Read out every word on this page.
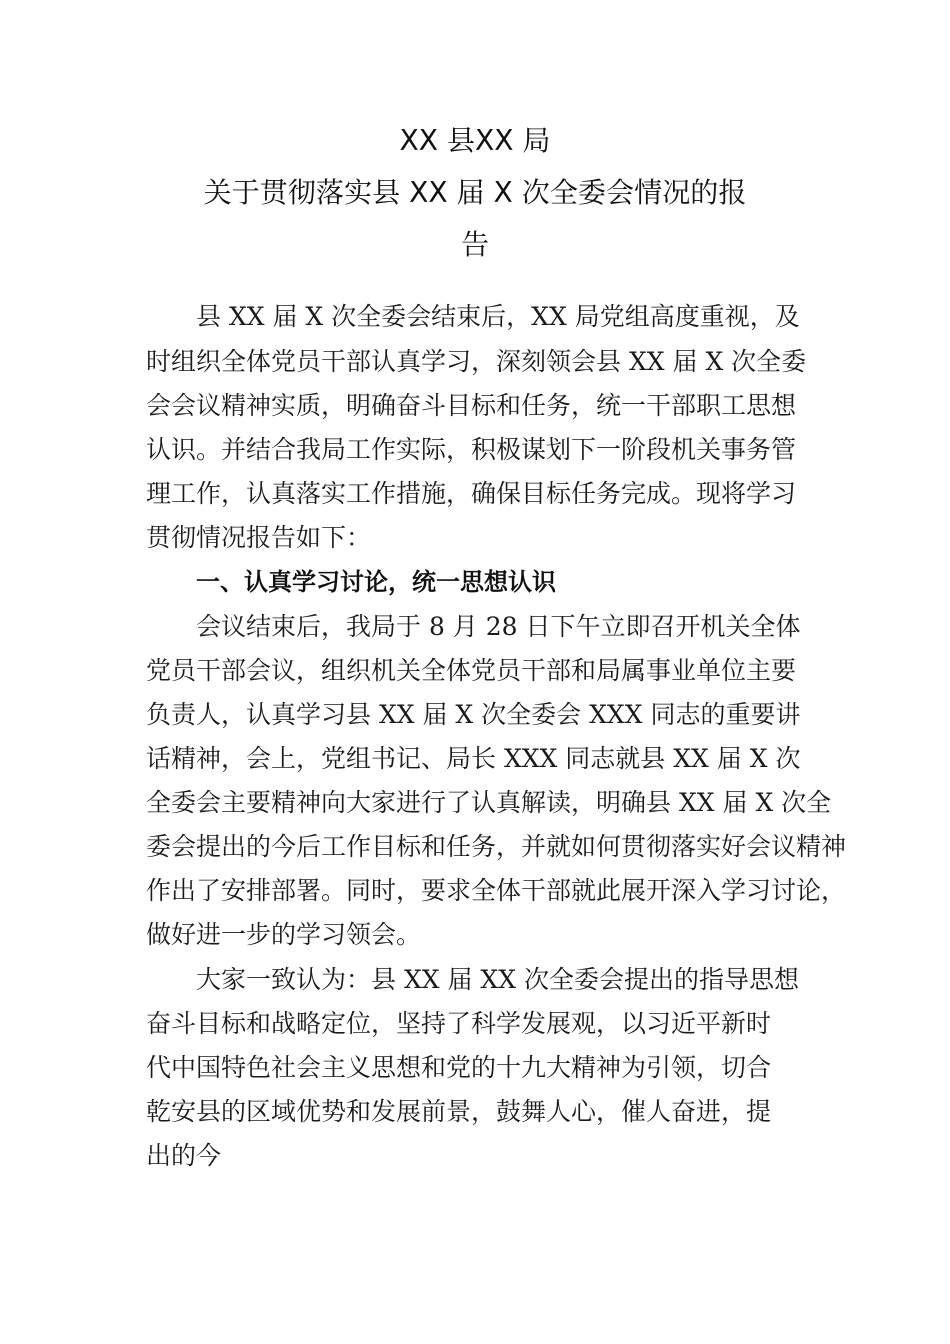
XX 县XX 局
关于贯彻落实县 XX 届 X 次全委会情况的报
告
县 XX 届 X 次全委会结束后，XX 局党组高度重视，及
时组织全体党员干部认真学习，深刻领会县 XX 届 X 次全委
会会议精神实质，明确奋斗目标和任务，统一干部职工思想
认识。并结合我局工作实际，积极谋划下一阶段机关事务管
理工作，认真落实工作措施，确保目标任务完成。现将学习
贯彻情况报告如下：
一、认真学习讨论，统一思想认识
会议结束后，我局于 8 月 28 日下午立即召开机关全体
党员干部会议，组织机关全体党员干部和局属事业单位主要
负责人，认真学习县 XX 届 X 次全委会 XXX 同志的重要讲
话精神，会上，党组书记、局长 XXX 同志就县 XX 届 X 次
全委会主要精神向大家进行了认真解读，明确县 XX 届 X 次全
委会提出的今后工作目标和任务，并就如何贯彻落实好会议精神
作出了安排部署。同时，要求全体干部就此展开深入学习讨论，
做好进一步的学习领会。
大家一致认为：县 XX 届 XX 次全委会提出的指导思想
奋斗目标和战略定位，坚持了科学发展观，以习近平新时
代中国特色社会主义思想和党的十九大精神为引领，切合
乾安县的区域优势和发展前景，鼓舞人心，催人奋进，提
出的今
